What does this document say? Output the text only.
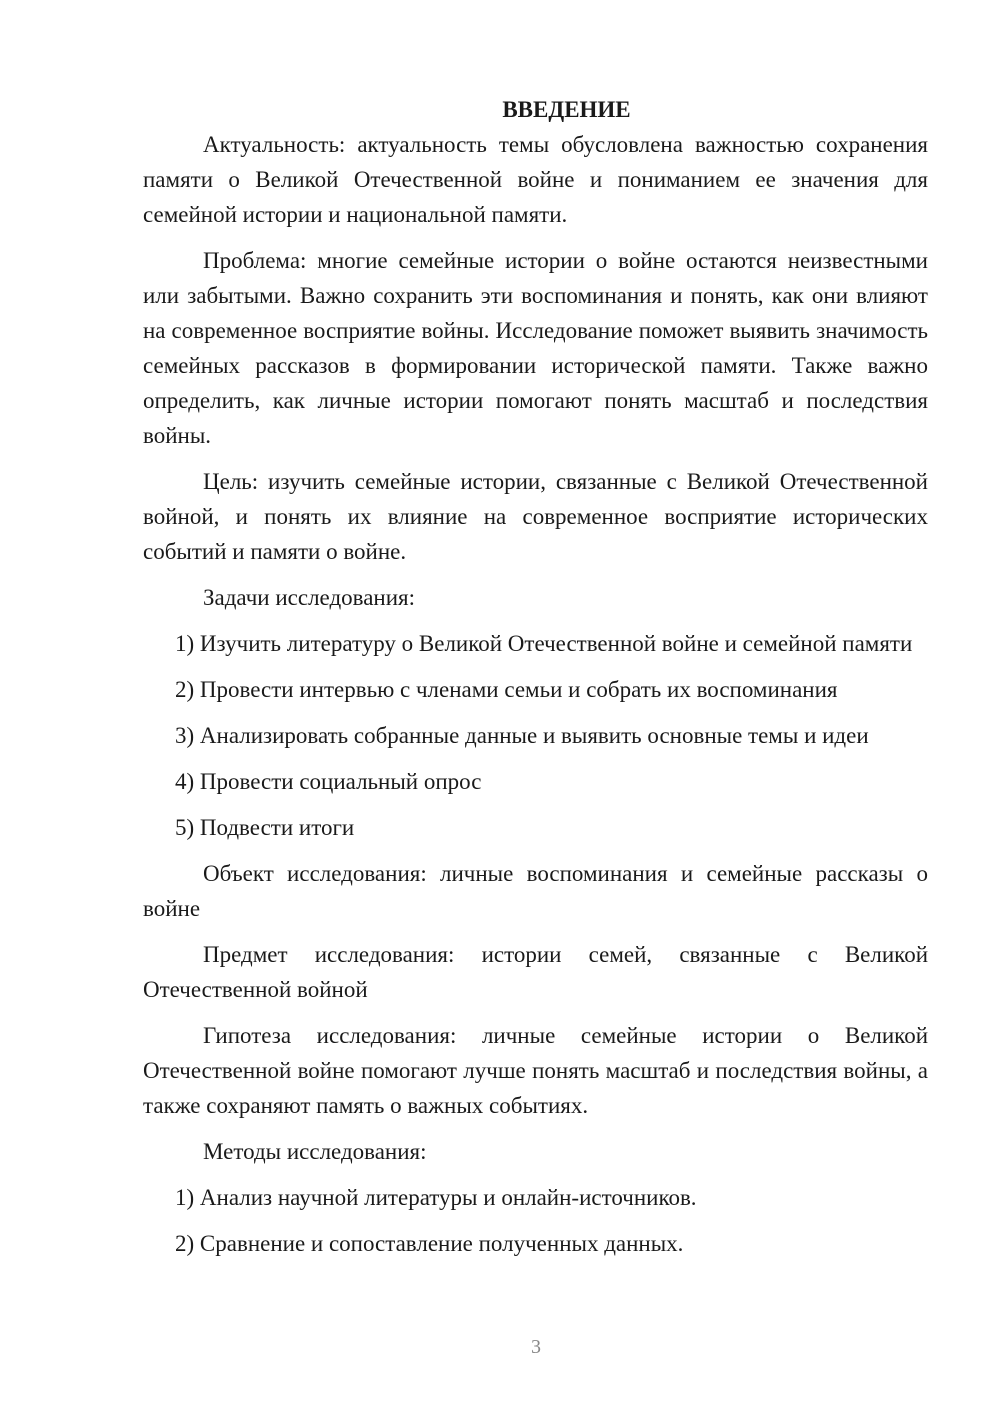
ВВЕДЕНИЕ

Актуальность: актуальность темы обусловлена важностью сохранения памяти о Великой Отечественной войне и пониманием ее значения для семейной истории и национальной памяти.

Проблема: многие семейные истории о войне остаются неизвестными или забытыми. Важно сохранить эти воспоминания и понять, как они влияют на современное восприятие войны. Исследование поможет выявить значимость семейных рассказов в формировании исторической памяти. Также важно определить, как личные истории помогают понять масштаб и последствия войны.

Цель: изучить семейные истории, связанные с Великой Отечественной войной, и понять их влияние на современное восприятие исторических событий и памяти о войне.

Задачи исследования:

1) Изучить литературу о Великой Отечественной войне и семейной памяти

2) Провести интервью с членами семьи и собрать их воспоминания

3) Анализировать собранные данные и выявить основные темы и идеи

4) Провести социальный опрос

5) Подвести итоги

Объект исследования: личные воспоминания и семейные рассказы о войне

Предмет исследования: истории семей, связанные с Великой Отечественной войной

Гипотеза исследования: личные семейные истории о Великой Отечественной войне помогают лучше понять масштаб и последствия войны, а также сохраняют память о важных событиях.

Методы исследования:

1) Анализ научной литературы и онлайн-источников.

2) Сравнение и сопоставление полученных данных.

3
